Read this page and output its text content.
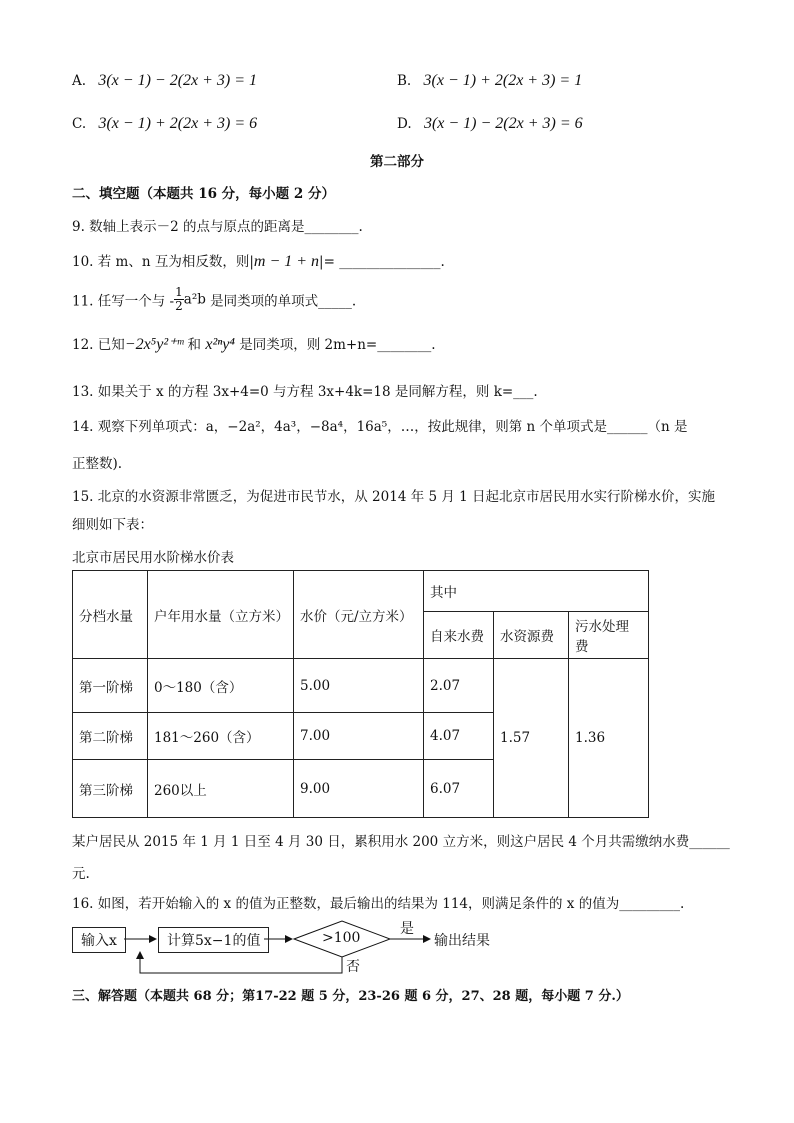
A. 3(x − 1) − 2(2x + 3) = 1	B. 3(x − 1) + 2(2x + 3) = 1
C. 3(x − 1) + 2(2x + 3) = 6	D. 3(x − 1) − 2(2x + 3) = 6
第二部分
二、填空题（本题共 16 分，每小题 2 分）
9. 数轴上表示－2 的点与原点的距离是________.
10. 若 m、n 互为相反数，则|m − 1 + n|= _______________.
11. 任写一个与 - $\frac{1}{2} a^2b$ 是同类项的单项式_____.
12. 已知−2x⁵y²⁺ᵐ 和 x²ⁿy⁴ 是同类项，则 2m+n=________.
13. 如果关于 x 的方程 3x+4=0 与方程 3x+4k=18 是同解方程，则 k=___.
14. 观察下列单项式：a，−2a²，4a³，−8a⁴，16a⁵，…，按此规律，则第 n 个单项式是______（n 是
正整数).
15. 北京的水资源非常匮乏，为促进市民节水，从 2014 年 5 月 1 日起北京市居民用水实行阶梯水价，实施
细则如下表：
北京市居民用水阶梯水价表
分档水量	户年用水量（立方米）	水价（元/立方米）	其中		
			自来水费	水资源费	污水处理费
第一阶梯	0～180（含）	5.00	2.07	1.57	1.36
第二阶梯	181～260（含）	7.00	4.07		
第三阶梯	260以上	9.00	6.07		
某户居民从 2015 年 1 月 1 日至 4 月 30 日，累积用水 200 立方米，则这户居民 4 个月共需缴纳水费______
元.
16. 如图，若开始输入的 x 的值为正整数，最后输出的结果为 114，则满足条件的 x 的值为_________.
输入x	计算5x−1的值	>100
是
输出结果
否
三、解答题（本题共 68 分；第17-22 题 5 分，23-26 题 6 分，27、28 题，每小题 7 分.）
